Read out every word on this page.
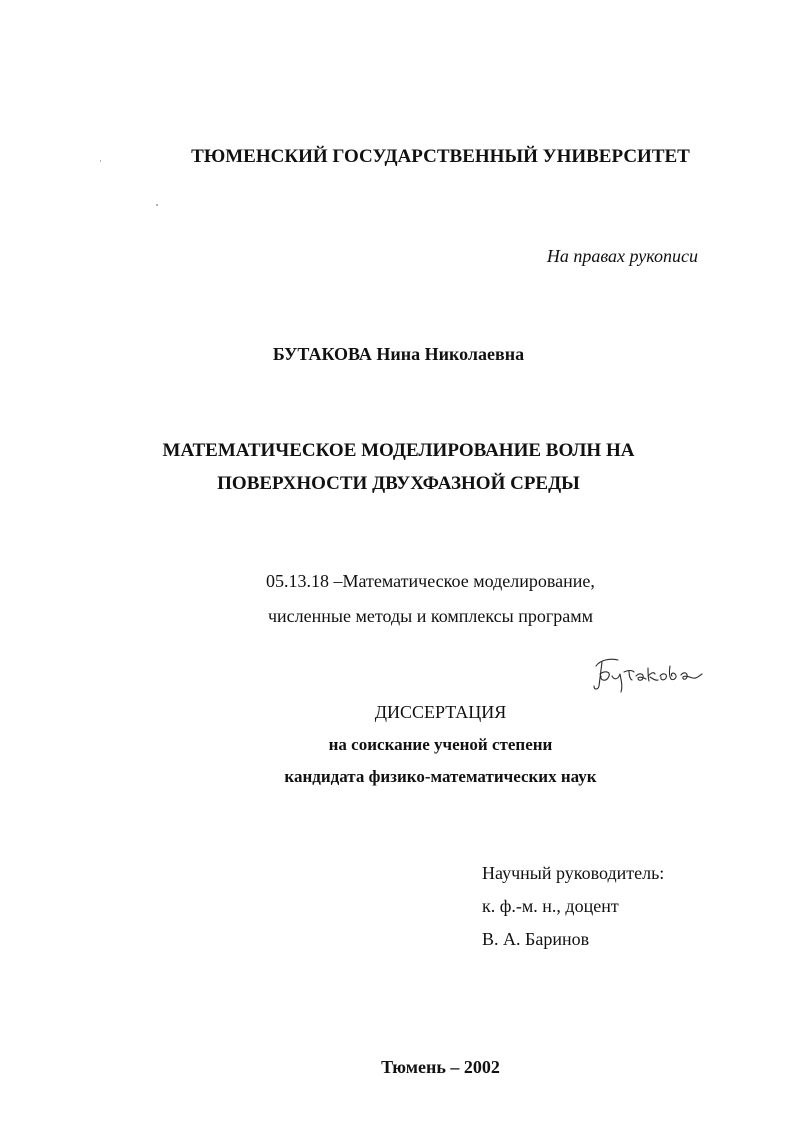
ТЮМЕНСКИЙ ГОСУДАРСТВЕННЫЙ УНИВЕРСИТЕТ
На правах рукописи
БУТАКОВА Нина Николаевна
МАТЕМАТИЧЕСКОЕ МОДЕЛИРОВАНИЕ ВОЛН НА
ПОВЕРХНОСТИ ДВУХФАЗНОЙ СРЕДЫ
05.13.18 –Математическое моделирование,
численные методы и комплексы программ
ДИССЕРТАЦИЯ
на соискание ученой степени
кандидата физико-математических наук
Научный руководитель:
к. ф.-м. н., доцент
В. А. Баринов
Тюмень – 2002
